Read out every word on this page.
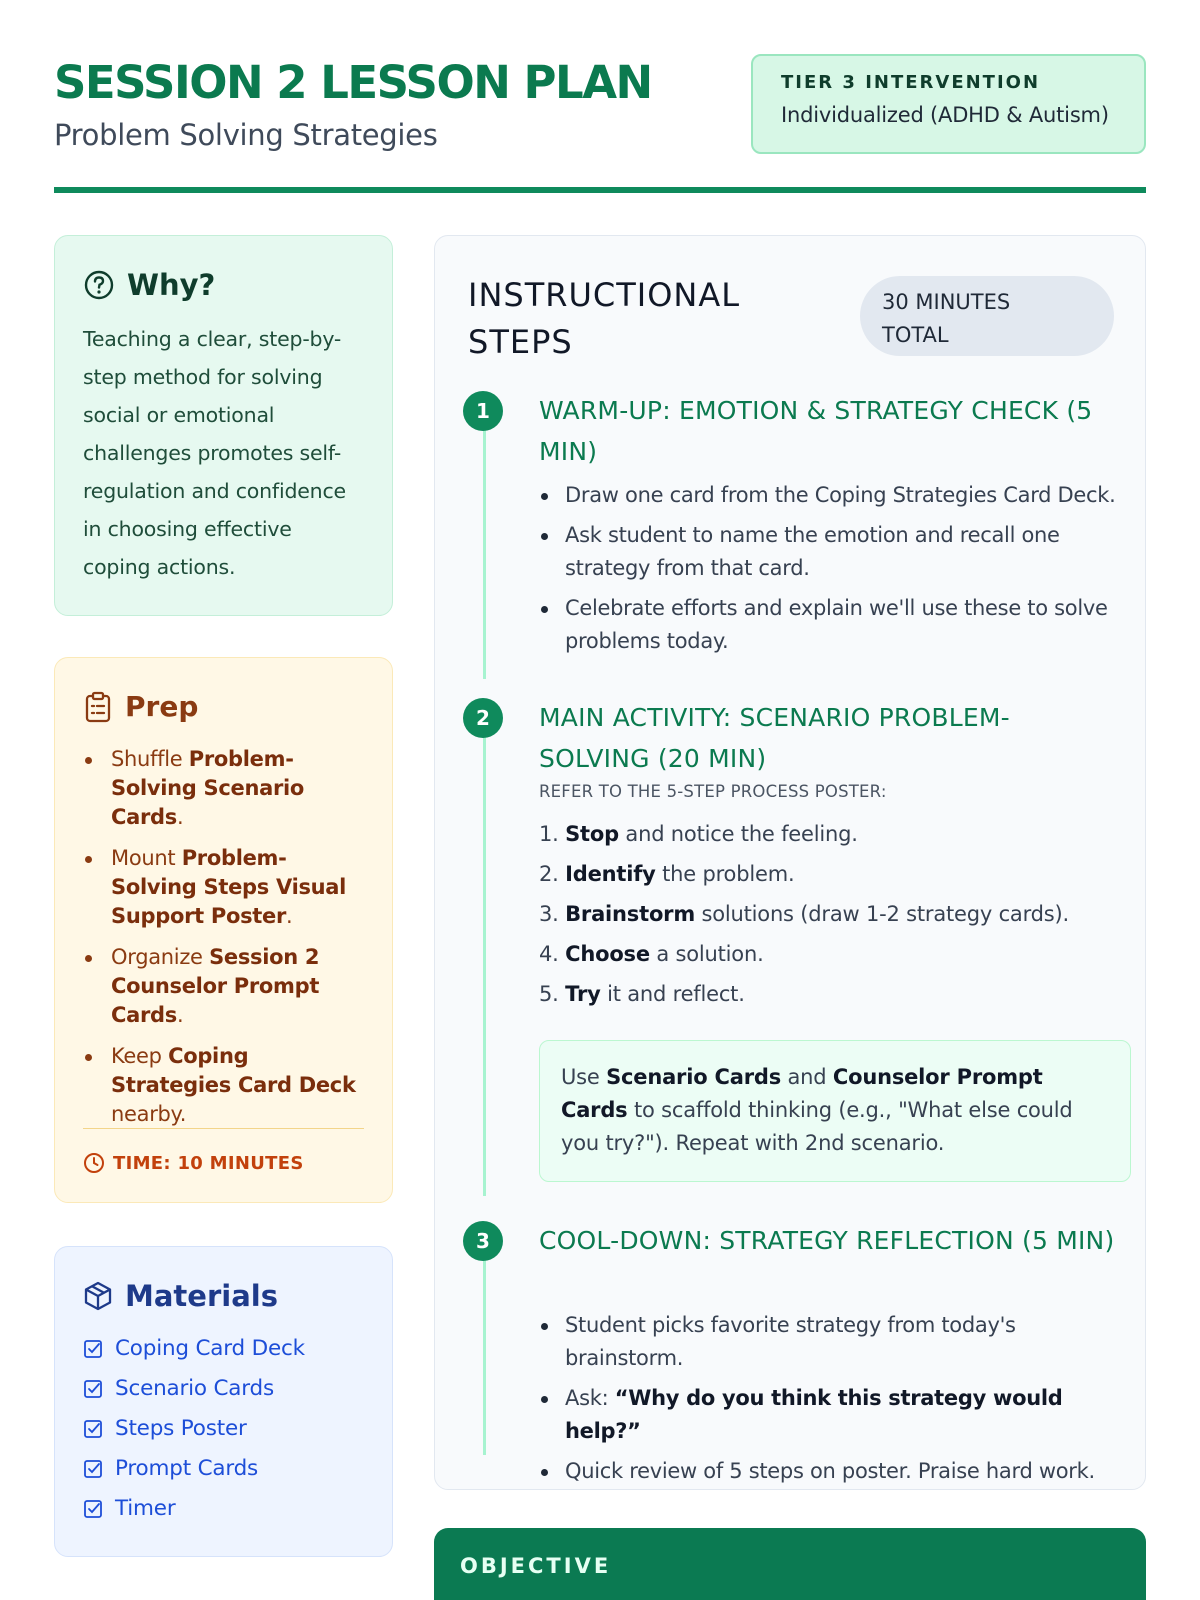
SESSION 2 LESSON PLAN
Problem Solving Strategies
TIER 3 INTERVENTION
Individualized (ADHD & Autism)
Why?
Teaching a clear, step-by-step method for solving social or emotional challenges promotes self-regulation and confidence in choosing effective coping actions.
Prep
Shuffle Problem-Solving Scenario Cards.
Mount Problem-Solving Steps Visual Support Poster.
Organize Session 2 Counselor Prompt Cards.
Keep Coping Strategies Card Deck nearby.
TIME: 10 MINUTES
Materials
Coping Card Deck
Scenario Cards
Steps Poster
Prompt Cards
Timer
INSTRUCTIONAL STEPS
30 MINUTES TOTAL
1	WARM-UP: EMOTION & STRATEGY CHECK (5 MIN)
Draw one card from the Coping Strategies Card Deck.
Ask student to name the emotion and recall one strategy from that card.
Celebrate efforts and explain we'll use these to solve problems today.
2	MAIN ACTIVITY: SCENARIO PROBLEM-SOLVING (20 MIN)
REFER TO THE 5-STEP PROCESS POSTER:
1. Stop and notice the feeling.
2. Identify the problem.
3. Brainstorm solutions (draw 1-2 strategy cards).
4. Choose a solution.
5. Try it and reflect.
Use Scenario Cards and Counselor Prompt Cards to scaffold thinking (e.g., "What else could you try?"). Repeat with 2nd scenario.
3	COOL-DOWN: STRATEGY REFLECTION (5 MIN)
Student picks favorite strategy from today's brainstorm.
Ask: “Why do you think this strategy would help?”
Quick review of 5 steps on poster. Praise hard work.
OBJECTIVE
